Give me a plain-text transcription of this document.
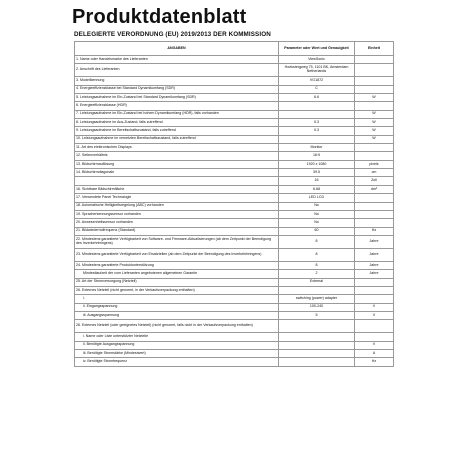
Produktdatenblatt
DELEGIERTE VERORDNUNG (EU) 2019/2013 DER KOMMISSION
ANGABEN	Parameter oder Wert und Genauigkeit	Einheit
1. Name oder Handelsmarke des Lieferanten	ViewSonic	
2. Anschrift des Lieferanten	Hoekstergweg 75, 1101 BK, Amsterdam Netherlands	
3. Modellkennung	VG1872	
4. Energieeffizienzklasse bei Standard Dynamikumfang (SDR)	C	
5. Leistungsaufnahme im Ein-Zustand bei Standard Dynamikumfang (SDR)	6.6	W
6. Energieeffizienzklasse (HDR)		
7. Leistungsaufnahme im Ein-Zustand bei hohem Dynamikumfang (HDR), falls vorhanden		W
8. Leistungsaufnahme im Aus-Zustand, falls zutreffend	0.3	W
9. Leistungsaufnahme im Bereitschaftszustand, falls zutreffend	0.3	W
10. Leistungsaufnahme im vernetzten Bereitschaftszustand, falls zutreffend		W
11. Art des elektronischen Displays	Monitor	
12. Seitenverhältnis	16:9	
13. Bildschirmauflösung	1920 x 1080	pixels
14. Bildschirmdiagonale	39.5	cm
	16	Zoll
16. Sichtbare Bildschirmfläche	6.68	dm²
17. Verwendete Panel Technologie	LED LCD	
18. Automatische Helligkeitsregelung (ABC) vorhanden	No	
19. Spracherkennungssensor vorhanden	No	
20. Anwesenheitssensor vorhanden	No	
21. Bildwiederholfrequenz (Standard)	60	Hz
22. Mindestens garantierte Verfügbarkeit von Software- und Firmware-Aktualisierungen (ab dem Zeitpunkt der Beendigung des Inverkehrbringens)	8	Jahre
23. Mindestens garantierte Verfügbarkeit von Ersatzteilen (ab dem Zeitpunkt der Beendigung des Inverkehrbringens)	8	Jahre
24. Mindestens garantierte Produktunterstützung	8	Jahre
Mindestlaufzeit der vom Lieferanten angebotenen allgemeinen Garantie	2	Jahre
25. Art der Stromversorgung (Netzteil)	External	
26. Externes Netzteil (nicht genormt, in der Verkaufsverpackung enthalten)		
i.	switching (power) adapter	
ii. Eingangsspannung	100-240	V
iii. Ausgangsspannung	5	V
26. Externes Netzteil (oder geeignetes Netzteil) (nicht genormt, falls nicht in der Verkaufsverpackung enthalten)		
i. Name oder Liste unterstützter Netzteile		
ii. Benötigte Ausgangsspannung		V
iii. Benötigte Stromstärke (Mindestwert)		A
iv. Benötigte Stromfrequenz		Hz
